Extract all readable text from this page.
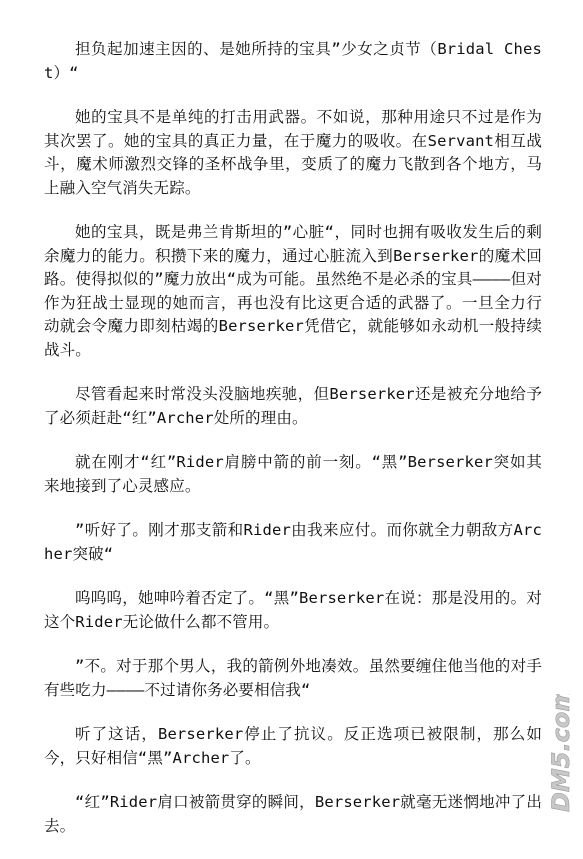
担负起加速主因的、是她所持的宝具”少女之贞节（Bridal Chest）“

她的宝具不是单纯的打击用武器。不如说，那种用途只不过是作为其次罢了。她的宝具的真正力量，在于魔力的吸收。在Servant相互战斗，魔术师激烈交锋的圣杯战争里，变质了的魔力飞散到各个地方，马上融入空气消失无踪。

她的宝具，既是弗兰肯斯坦的”心脏“，同时也拥有吸收发生后的剩余魔力的能力。积攒下来的魔力，通过心脏流入到Berserker的魔术回路。使得拟似的”魔力放出“成为可能。虽然绝不是必杀的宝具————但对作为狂战士显现的她而言，再也没有比这更合适的武器了。一旦全力行动就会令魔力即刻枯竭的Berserker凭借它，就能够如永动机一般持续战斗。

尽管看起来时常没头没脑地疾驰，但Berserker还是被充分地给予了必须赶赴“红”Archer处所的理由。

就在刚才“红”Rider肩膀中箭的前一刻。“黑”Berserker突如其来地接到了心灵感应。

”听好了。刚才那支箭和Rider由我来应付。而你就全力朝敌方Archer突破“

呜呜呜，她呻吟着否定了。“黑”Berserker在说：那是没用的。对这个Rider无论做什么都不管用。

”不。对于那个男人，我的箭例外地凑效。虽然要缠住他当他的对手有些吃力————不过请你务必要相信我“

听了这话，Berserker停止了抗议。反正选项已被限制，那么如今，只好相信“黑”Archer了。

“红”Rider肩口被箭贯穿的瞬间，Berserker就毫无迷惘地冲了出去。

DM5.com
